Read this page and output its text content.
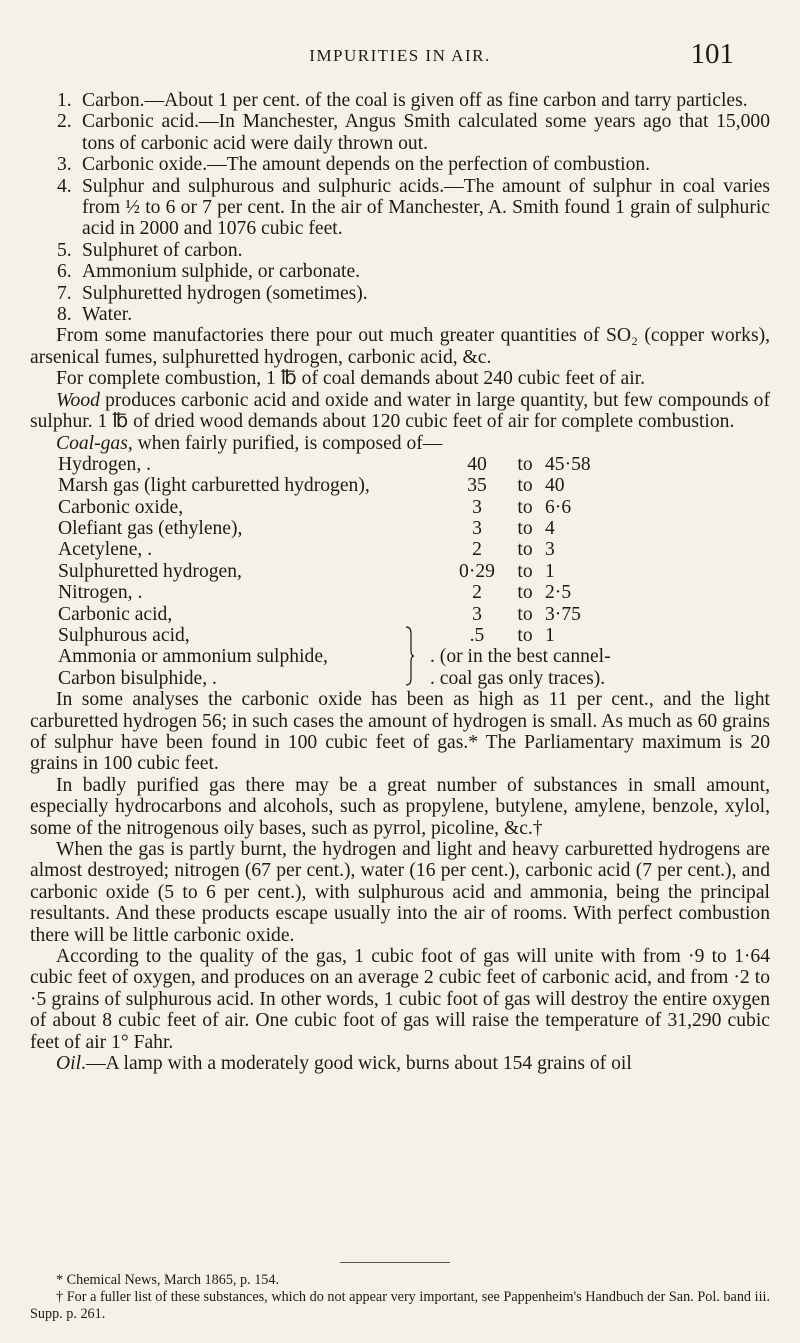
IMPURITIES IN AIR.	101
1. Carbon.—About 1 per cent. of the coal is given off as fine carbon and tarry particles.
2. Carbonic acid.—In Manchester, Angus Smith calculated some years ago that 15,000 tons of carbonic acid were daily thrown out.
3. Carbonic oxide.—The amount depends on the perfection of combustion.
4. Sulphur and sulphurous and sulphuric acids.—The amount of sulphur in coal varies from ½ to 6 or 7 per cent. In the air of Manchester, A. Smith found 1 grain of sulphuric acid in 2000 and 1076 cubic feet.
5. Sulphuret of carbon.
6. Ammonium sulphide, or carbonate.
7. Sulphuretted hydrogen (sometimes).
8. Water.

From some manufactories there pour out much greater quantities of SO₂ (copper works), arsenical fumes, sulphuretted hydrogen, carbonic acid, &c.

For complete combustion, 1 ℔ of coal demands about 240 cubic feet of air.

Wood produces carbonic acid and oxide and water in large quantity, but few compounds of sulphur. 1 ℔ of dried wood demands about 120 cubic feet of air for complete combustion.

Coal-gas, when fairly purified, is composed of—

Hydrogen, .	40	to 45·58
Marsh gas (light carburetted hydrogen),	35	to 40
Carbonic oxide,	3	to 6·6
Olefiant gas (ethylene),	3	to 4
Acetylene, .	2	to 3
Sulphuretted hydrogen,	0·29	to 1
Nitrogen, .	2	to 2·5
Carbonic acid,	3	to 3·75
Sulphurous acid,	.5	to 1
Ammonia or ammonium sulphide,	. (or in the best cannel-
Carbon bisulphide, .	. coal gas only traces).

In some analyses the carbonic oxide has been as high as 11 per cent., and the light carburetted hydrogen 56; in such cases the amount of hydrogen is small. As much as 60 grains of sulphur have been found in 100 cubic feet of gas.* The Parliamentary maximum is 20 grains in 100 cubic feet.

In badly purified gas there may be a great number of substances in small amount, especially hydrocarbons and alcohols, such as propylene, butylene, amylene, benzole, xylol, some of the nitrogenous oily bases, such as pyrrol, picoline, &c.†

When the gas is partly burnt, the hydrogen and light and heavy carburetted hydrogens are almost destroyed; nitrogen (67 per cent.), water (16 per cent.), carbonic acid (7 per cent.), and carbonic oxide (5 to 6 per cent.), with sulphurous acid and ammonia, being the principal resultants. And these products escape usually into the air of rooms. With perfect combustion there will be little carbonic oxide.

According to the quality of the gas, 1 cubic foot of gas will unite with from ·9 to 1·64 cubic feet of oxygen, and produces on an average 2 cubic feet of carbonic acid, and from ·2 to ·5 grains of sulphurous acid. In other words, 1 cubic foot of gas will destroy the entire oxygen of about 8 cubic feet of air. One cubic foot of gas will raise the temperature of 31,290 cubic feet of air 1° Fahr.

Oil.—A lamp with a moderately good wick, burns about 154 grains of oil

* Chemical News, March 1865, p. 154.
† For a fuller list of these substances, which do not appear very important, see Pappenheim's Handbuch der San. Pol. band iii. Supp. p. 261.
